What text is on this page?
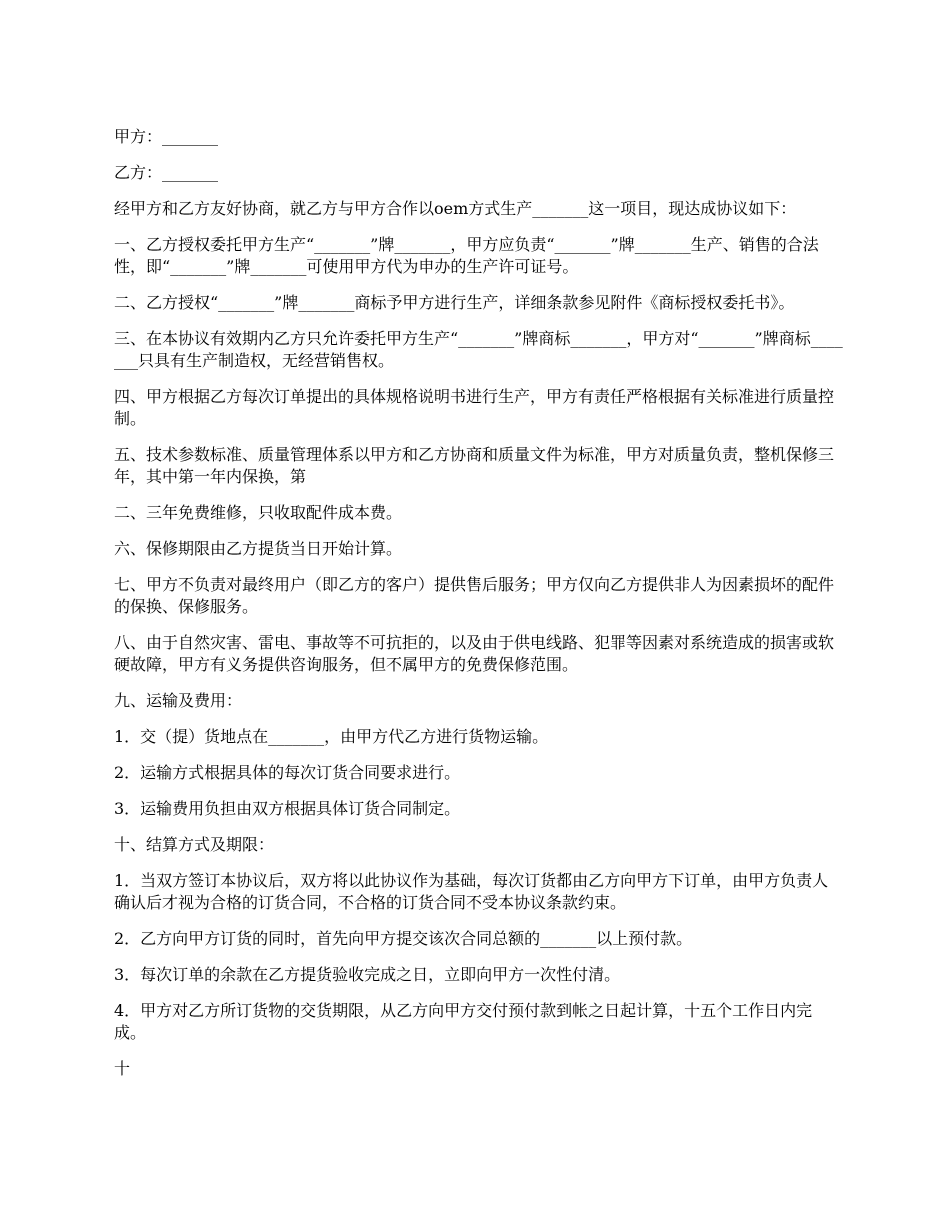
甲方：_______

乙方：_______

经甲方和乙方友好协商，就乙方与甲方合作以oem方式生产_______这一项目，现达成协议如下：

一、乙方授权委托甲方生产“_______”牌_______，甲方应负责“_______”牌_______生产、销售的合法性，即“_______”牌_______可使用甲方代为申办的生产许可证号。

二、乙方授权“_______”牌_______商标予甲方进行生产，详细条款参见附件《商标授权委托书》。

三、在本协议有效期内乙方只允许委托甲方生产“_______”牌商标_______，甲方对“_______”牌商标_______只具有生产制造权，无经营销售权。

四、甲方根据乙方每次订单提出的具体规格说明书进行生产，甲方有责任严格根据有关标准进行质量控制。

五、技术参数标准、质量管理体系以甲方和乙方协商和质量文件为标准，甲方对质量负责，整机保修三年，其中第一年内保换，第

二、三年免费维修，只收取配件成本费。

六、保修期限由乙方提货当日开始计算。

七、甲方不负责对最终用户（即乙方的客户）提供售后服务；甲方仅向乙方提供非人为因素损坏的配件的保换、保修服务。

八、由于自然灾害、雷电、事故等不可抗拒的，以及由于供电线路、犯罪等因素对系统造成的损害或软硬故障，甲方有义务提供咨询服务，但不属甲方的免费保修范围。

九、运输及费用：

1．交（提）货地点在_______，由甲方代乙方进行货物运输。

2．运输方式根据具体的每次订货合同要求进行。

3．运输费用负担由双方根据具体订货合同制定。

十、结算方式及期限：

1．当双方签订本协议后，双方将以此协议作为基础，每次订货都由乙方向甲方下订单，由甲方负责人确认后才视为合格的订货合同，不合格的订货合同不受本协议条款约束。

2．乙方向甲方订货的同时，首先向甲方提交该次合同总额的_______以上预付款。

3．每次订单的余款在乙方提货验收完成之日，立即向甲方一次性付清。

4．甲方对乙方所订货物的交货期限，从乙方向甲方交付预付款到帐之日起计算，十五个工作日内完成。

十
